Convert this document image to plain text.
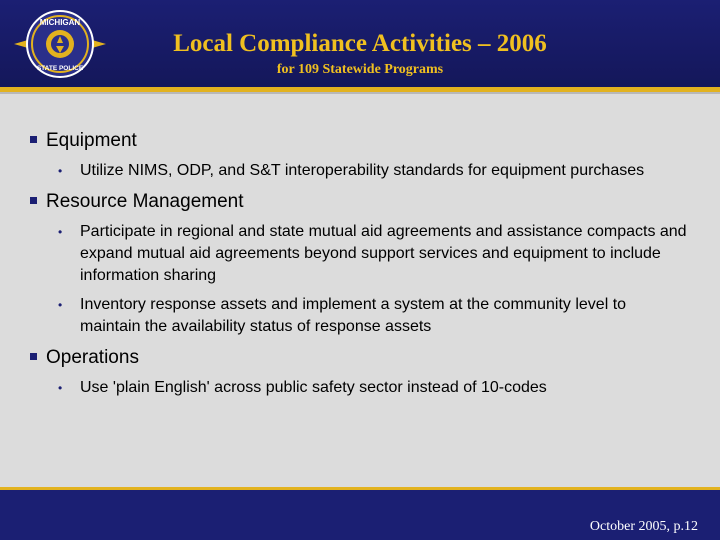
MICHIGAN
STATE POLICE
Local Compliance Activities – 2006
for 109 Statewide Programs
Equipment
•	Utilize NIMS, ODP, and S&T interoperability standards for equipment purchases
Resource Management
•	Participate in regional and state mutual aid agreements and assistance compacts and expand mutual aid agreements beyond support services and equipment to include information sharing
•	Inventory response assets and implement a system at the community level to maintain the availability status of response assets
Operations
•	Use 'plain English' across public safety sector instead of 10-codes
October 2005, p.12
